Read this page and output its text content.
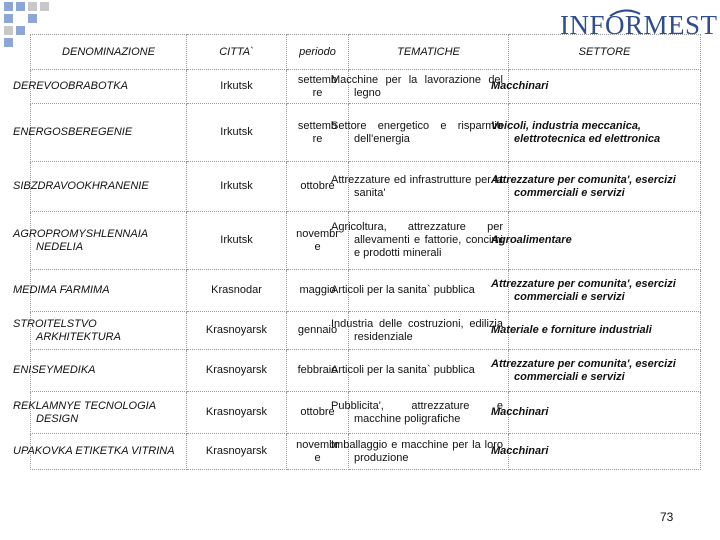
INFORMEST
DENOMINAZIONE	CITTA`	periodo	TEMATICHE	SETTORE
DEREVOOBRABOTKA	Irkutsk	settemb re	Macchine per la lavorazione del legno	Macchinari
ENERGOSBEREGENIE	Irkutsk	settemb re	Settore energetico e risparmio dell'energia	Veicoli, industria meccanica, elettrotecnica ed elettronica
SIBZDRAVOOKHRANENIE	Irkutsk	ottobre	Attrezzature ed infrastrutture per la sanita'	Attrezzature per comunita', esercizi commerciali e servizi
AGROPROMYSHLENNAIA NEDELIA	Irkutsk	novembr e	Agricoltura, attrezzature per allevamenti e fattorie, concimi e prodotti minerali	Agroalimentare
MEDIMA FARMIMA	Krasnodar	maggio	Articoli per la sanita` pubblica	Attrezzature per comunita', esercizi commerciali e servizi
STROITELSTVO ARKHITEKTURA	Krasnoyarsk	gennaio	Industria delle costruzioni, edilizia residenziale	Materiale e forniture industriali
ENISEYMEDIKA	Krasnoyarsk	febbraio	Articoli per la sanita` pubblica	Attrezzature per comunita', esercizi commerciali e servizi
REKLAMNYE TECNOLOGIA DESIGN	Krasnoyarsk	ottobre	Pubblicita', attrezzature e macchine poligrafiche	Macchinari
UPAKOVKA ETIKETKA VITRINA	Krasnoyarsk	novembr e	Imballaggio e macchine per la loro produzione	Macchinari
73
